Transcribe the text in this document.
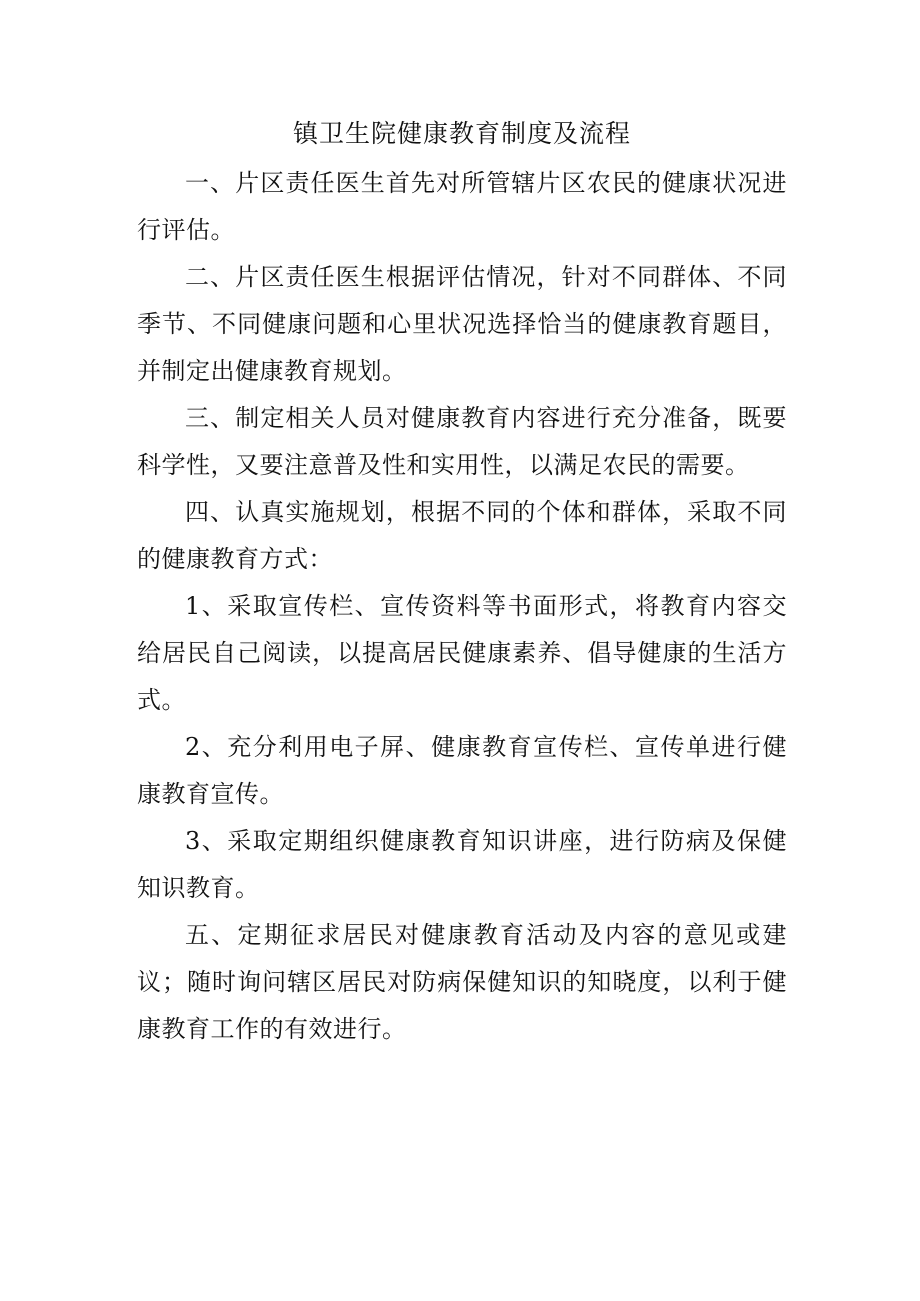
镇卫生院健康教育制度及流程

一、片区责任医生首先对所管辖片区农民的健康状况进行评估。

二、片区责任医生根据评估情况，针对不同群体、不同季节、不同健康问题和心里状况选择恰当的健康教育题目，并制定出健康教育规划。

三、制定相关人员对健康教育内容进行充分准备，既要科学性，又要注意普及性和实用性，以满足农民的需要。

四、认真实施规划，根据不同的个体和群体，采取不同的健康教育方式：

1、采取宣传栏、宣传资料等书面形式，将教育内容交给居民自己阅读，以提高居民健康素养、倡导健康的生活方式。

2、充分利用电子屏、健康教育宣传栏、宣传单进行健康教育宣传。

3、采取定期组织健康教育知识讲座，进行防病及保健知识教育。

五、定期征求居民对健康教育活动及内容的意见或建议；随时询问辖区居民对防病保健知识的知晓度，以利于健康教育工作的有效进行。
